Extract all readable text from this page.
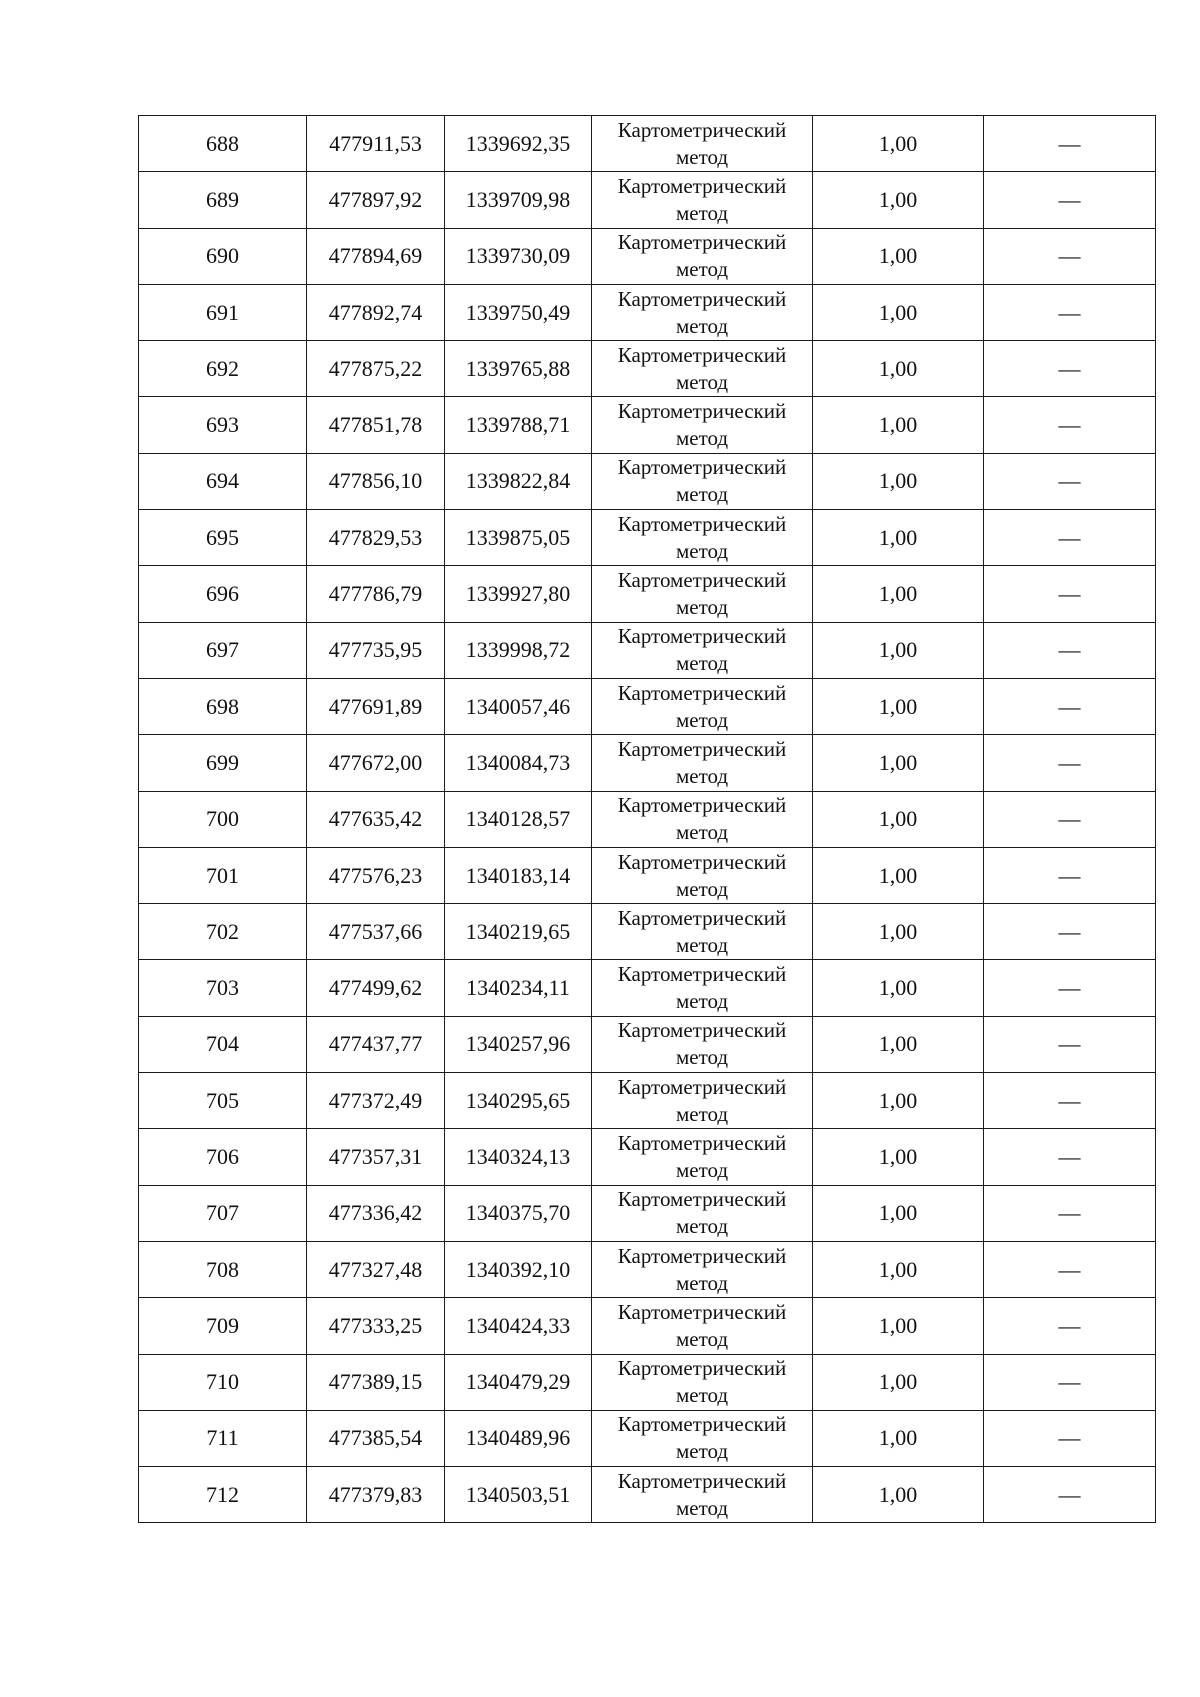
688	477911,53	1339692,35	Картометрический метод	1,00	—
689	477897,92	1339709,98	Картометрический метод	1,00	—
690	477894,69	1339730,09	Картометрический метод	1,00	—
691	477892,74	1339750,49	Картометрический метод	1,00	—
692	477875,22	1339765,88	Картометрический метод	1,00	—
693	477851,78	1339788,71	Картометрический метод	1,00	—
694	477856,10	1339822,84	Картометрический метод	1,00	—
695	477829,53	1339875,05	Картометрический метод	1,00	—
696	477786,79	1339927,80	Картометрический метод	1,00	—
697	477735,95	1339998,72	Картометрический метод	1,00	—
698	477691,89	1340057,46	Картометрический метод	1,00	—
699	477672,00	1340084,73	Картометрический метод	1,00	—
700	477635,42	1340128,57	Картометрический метод	1,00	—
701	477576,23	1340183,14	Картометрический метод	1,00	—
702	477537,66	1340219,65	Картометрический метод	1,00	—
703	477499,62	1340234,11	Картометрический метод	1,00	—
704	477437,77	1340257,96	Картометрический метод	1,00	—
705	477372,49	1340295,65	Картометрический метод	1,00	—
706	477357,31	1340324,13	Картометрический метод	1,00	—
707	477336,42	1340375,70	Картометрический метод	1,00	—
708	477327,48	1340392,10	Картометрический метод	1,00	—
709	477333,25	1340424,33	Картометрический метод	1,00	—
710	477389,15	1340479,29	Картометрический метод	1,00	—
711	477385,54	1340489,96	Картометрический метод	1,00	—
712	477379,83	1340503,51	Картометрический метод	1,00	—
